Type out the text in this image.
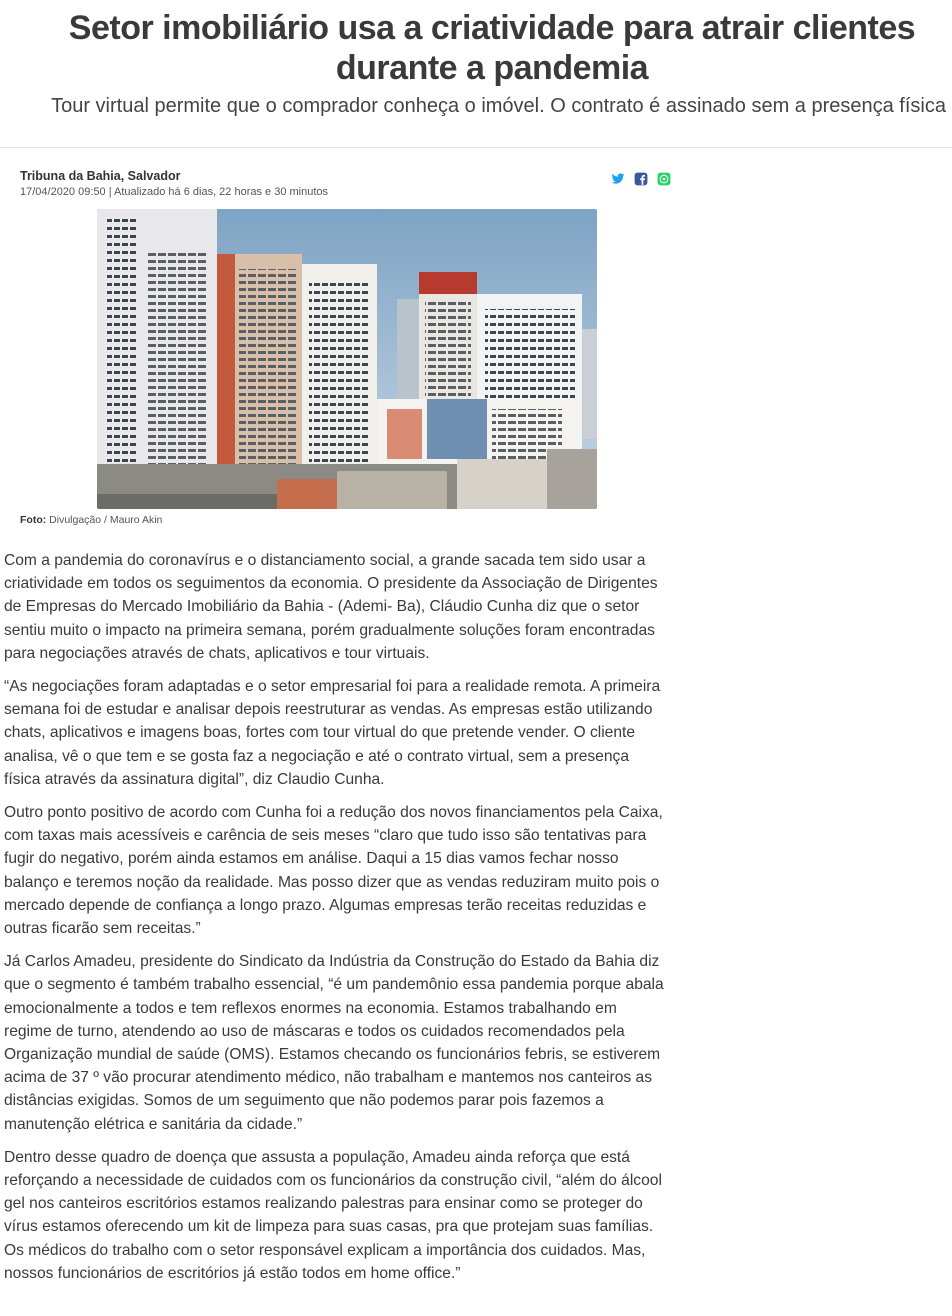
Setor imobiliário usa a criatividade para atrair clientes durante a pandemia

Tour virtual permite que o comprador conheça o imóvel. O contrato é assinado sem a presença física

Tribuna da Bahia, Salvador
17/04/2020 09:50 | Atualizado há 6 dias, 22 horas e 30 minutos
Foto: Divulgação / Mauro Akin

Com a pandemia do coronavírus e o distanciamento social, a grande sacada tem sido usar a criatividade em todos os seguimentos da economia. O presidente da Associação de Dirigentes de Empresas do Mercado Imobiliário da Bahia - (Ademi- Ba), Cláudio Cunha diz que o setor sentiu muito o impacto na primeira semana, porém gradualmente soluções foram encontradas para negociações através de chats, aplicativos e tour virtuais.

“As negociações foram adaptadas e o setor empresarial foi para a realidade remota. A primeira semana foi de estudar e analisar depois reestruturar as vendas. As empresas estão utilizando chats, aplicativos e imagens boas, fortes com tour virtual do que pretende vender. O cliente analisa, vê o que tem e se gosta faz a negociação e até o contrato virtual, sem a presença física através da assinatura digital”, diz Claudio Cunha.

Outro ponto positivo de acordo com Cunha foi a redução dos novos financiamentos pela Caixa, com taxas mais acessíveis e carência de seis meses “claro que tudo isso são tentativas para fugir do negativo, porém ainda estamos em análise. Daqui a 15 dias vamos fechar nosso balanço e teremos noção da realidade. Mas posso dizer que as vendas reduziram muito pois o mercado depende de confiança a longo prazo. Algumas empresas terão receitas reduzidas e outras ficarão sem receitas.”

Já Carlos Amadeu, presidente do Sindicato da Indústria da Construção do Estado da Bahia diz que o segmento é também trabalho essencial, “é um pandemônio essa pandemia porque abala emocionalmente a todos e tem reflexos enormes na economia. Estamos trabalhando em regime de turno, atendendo ao uso de máscaras e todos os cuidados recomendados pela Organização mundial de saúde (OMS). Estamos checando os funcionários febris, se estiverem acima de 37 º vão procurar atendimento médico, não trabalham e mantemos nos canteiros as distâncias exigidas. Somos de um seguimento que não podemos parar pois fazemos a manutenção elétrica e sanitária da cidade.”

Dentro desse quadro de doença que assusta a população, Amadeu ainda reforça que está reforçando a necessidade de cuidados com os funcionários da construção civil, “além do álcool gel nos canteiros escritórios estamos realizando palestras para ensinar como se proteger do vírus estamos oferecendo um kit de limpeza para suas casas, pra que protejam suas famílias. Os médicos do trabalho com o setor responsável explicam a importância dos cuidados. Mas, nossos funcionários de escritórios já estão todos em home office.”
